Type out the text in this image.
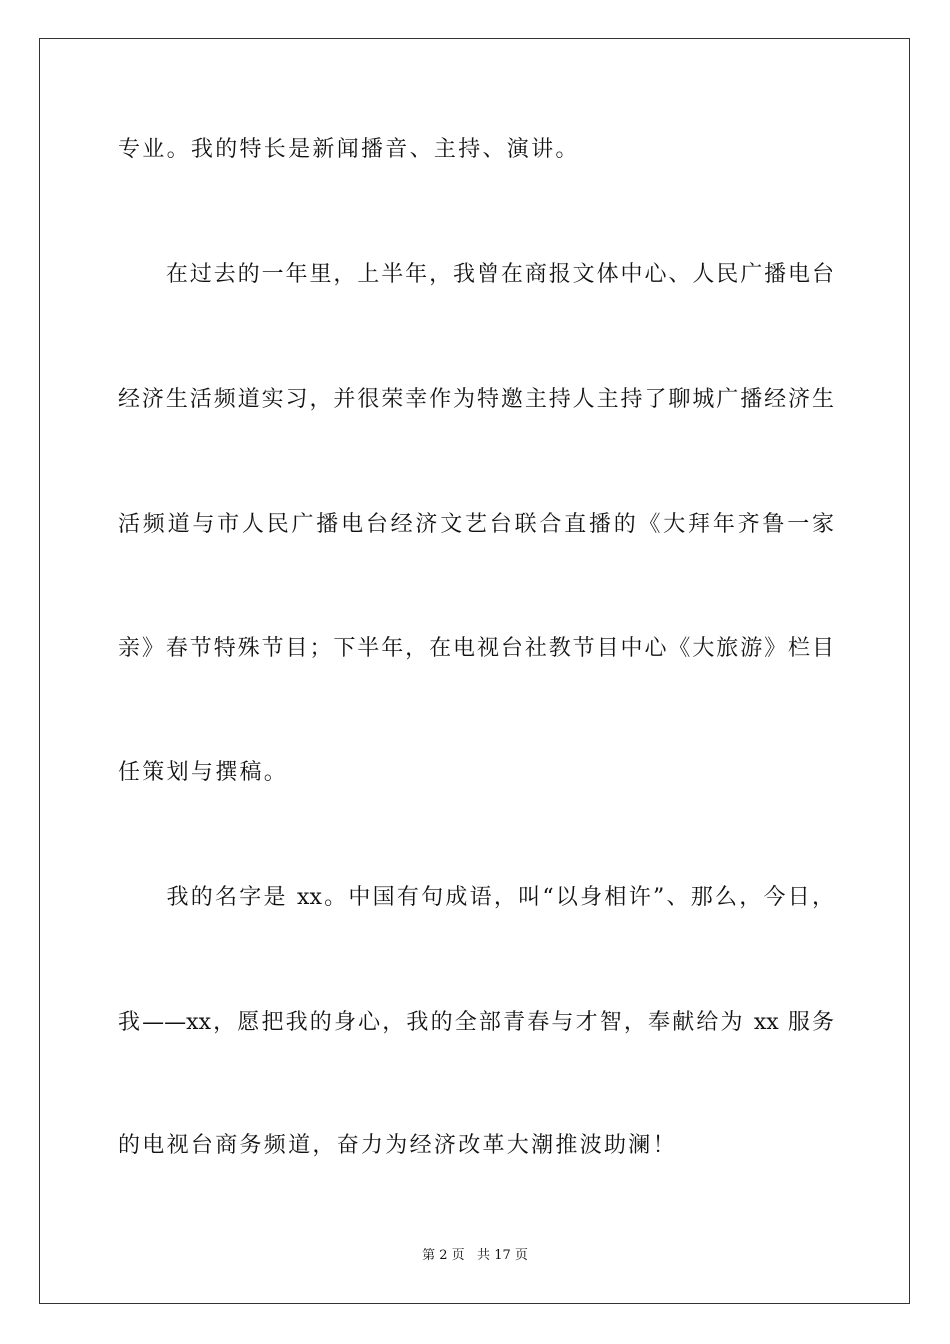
专业。我的特长是新闻播音、主持、演讲。
　　在过去的一年里，上半年，我曾在商报文体中心、人民广播电台
经济生活频道实习，并很荣幸作为特邀主持人主持了聊城广播经济生
活频道与市人民广播电台经济文艺台联合直播的《大拜年齐鲁一家
亲》春节特殊节目；下半年，在电视台社教节目中心《大旅游》栏目
任策划与撰稿。
　　我的名字是 xx。中国有句成语，叫“以身相许”、那么，今日，
我——xx，愿把我的身心，我的全部青春与才智，奉献给为 xx 服务
的电视台商务频道，奋力为经济改革大潮推波助澜！
第 2 页   共 17 页
